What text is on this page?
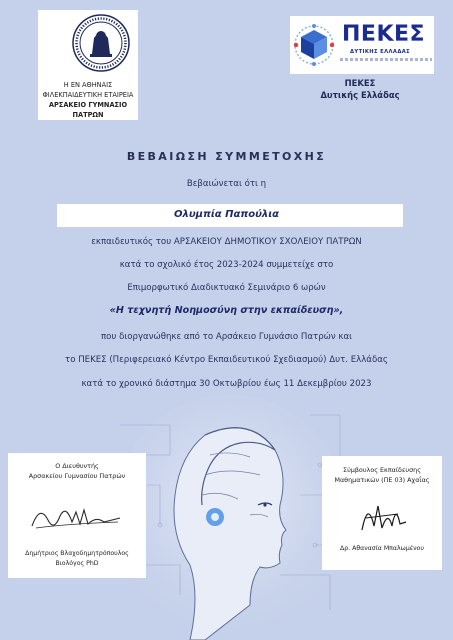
Η ΕΝ ΑΘΗΝΑΙΣ
ΦΙΛΕΚΠΑΙΔΕΥΤΙΚΗ ΕΤΑΙΡΕΙΑ
ΑΡΣΑΚΕΙΟ ΓΥΜΝΑΣΙΟ ΠΑΤΡΩΝ
ΠΕΚΕΣ
ΔΥΤΙΚΗΣ ΕΛΛΑΔΑΣ
ΠΕΚΕΣ
Δυτικής Ελλάδας
ΒΕΒΑΙΩΣΗ ΣΥΜΜΕΤΟΧΗΣ
Βεβαιώνεται ότι η
Ολυμπία Παπούλια
εκπαιδευτικός του ΑΡΣΑΚΕΙΟΥ ΔΗΜΟΤΙΚΟΥ ΣΧΟΛΕΙΟΥ ΠΑΤΡΩΝ
κατά το σχολικό έτος 2023-2024 συμμετείχε στο
Επιμορφωτικό Διαδικτυακό Σεμινάριο 6 ωρών
«Η τεχνητή Νοημοσύνη στην εκπαίδευση»,
που διοργανώθηκε από το Αρσάκειο Γυμνάσιο Πατρών και
το ΠΕΚΕΣ (Περιφερειακό Κέντρο Εκπαιδευτικού Σχεδιασμού) Δυτ. Ελλάδας
κατά το χρονικό διάστημα 30 Οκτωβρίου έως 11 Δεκεμβρίου 2023
Ο Διευθυντής
Αρσακείου Γυμνασίου Πατρών
Δημήτριος Βλαχοδημητρόπουλος
Βιολόγος PhD
Σύμβουλος Εκπαίδευσης
Μαθηματικών (ΠΕ 03) Αχαΐας
Δρ. Αθανασία Μπαλωμένου
